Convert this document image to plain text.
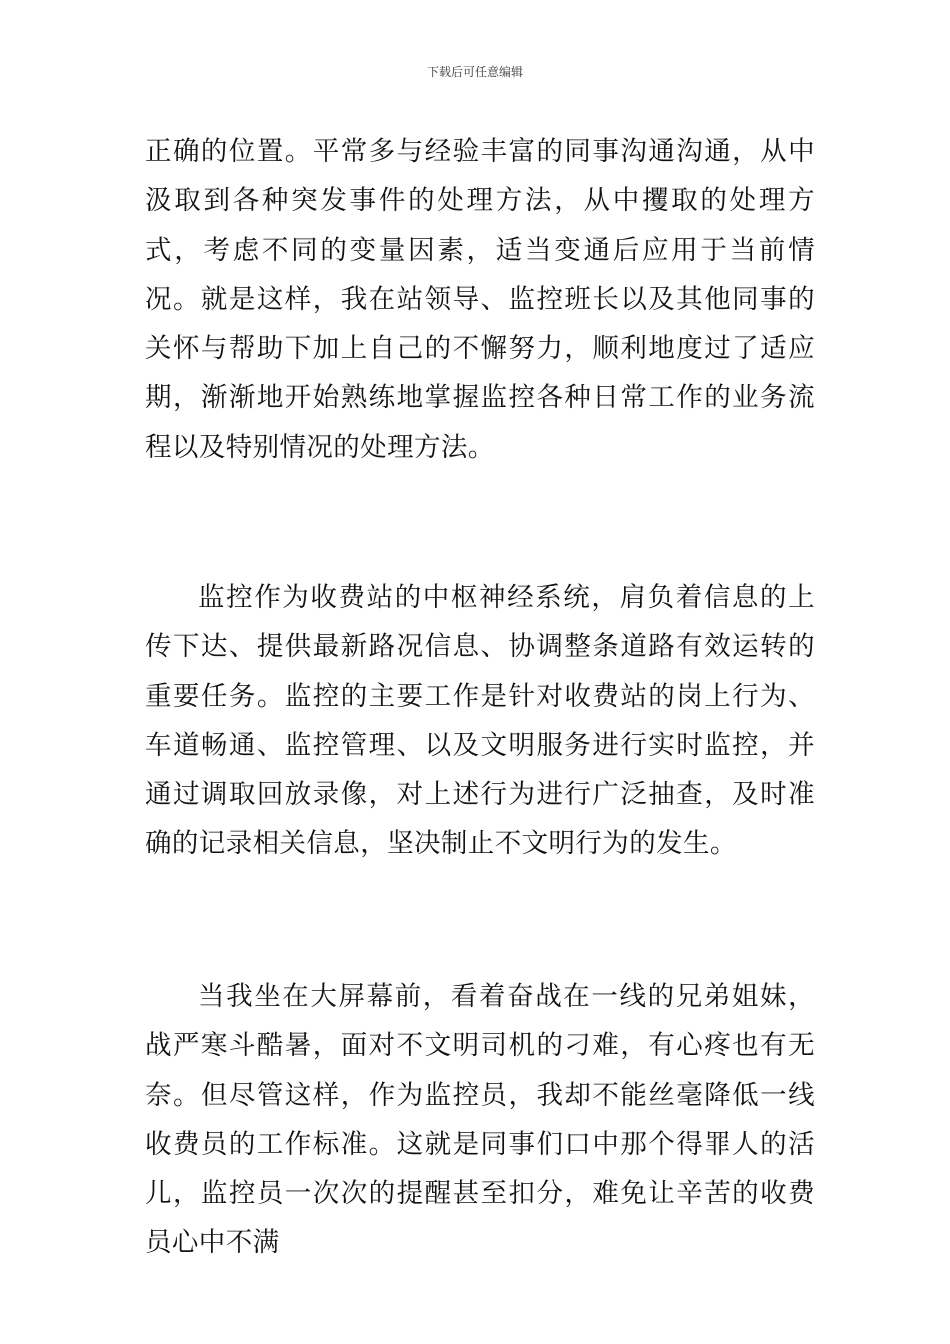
下载后可任意编辑

正确的位置。平常多与经验丰富的同事沟通沟通，从中汲取到各种突发事件的处理方法，从中攫取的处理方式，考虑不同的变量因素，适当变通后应用于当前情况。就是这样，我在站领导、监控班长以及其他同事的关怀与帮助下加上自己的不懈努力，顺利地度过了适应期，渐渐地开始熟练地掌握监控各种日常工作的业务流程以及特别情况的处理方法。

监控作为收费站的中枢神经系统，肩负着信息的上传下达、提供最新路况信息、协调整条道路有效运转的重要任务。监控的主要工作是针对收费站的岗上行为、车道畅通、监控管理、以及文明服务进行实时监控，并通过调取回放录像，对上述行为进行广泛抽查，及时准确的记录相关信息，坚决制止不文明行为的发生。

当我坐在大屏幕前，看着奋战在一线的兄弟姐妹，战严寒斗酷暑，面对不文明司机的刁难，有心疼也有无奈。但尽管这样，作为监控员，我却不能丝毫降低一线收费员的工作标准。这就是同事们口中那个得罪人的活儿，监控员一次次的提醒甚至扣分，难免让辛苦的收费员心中不满
